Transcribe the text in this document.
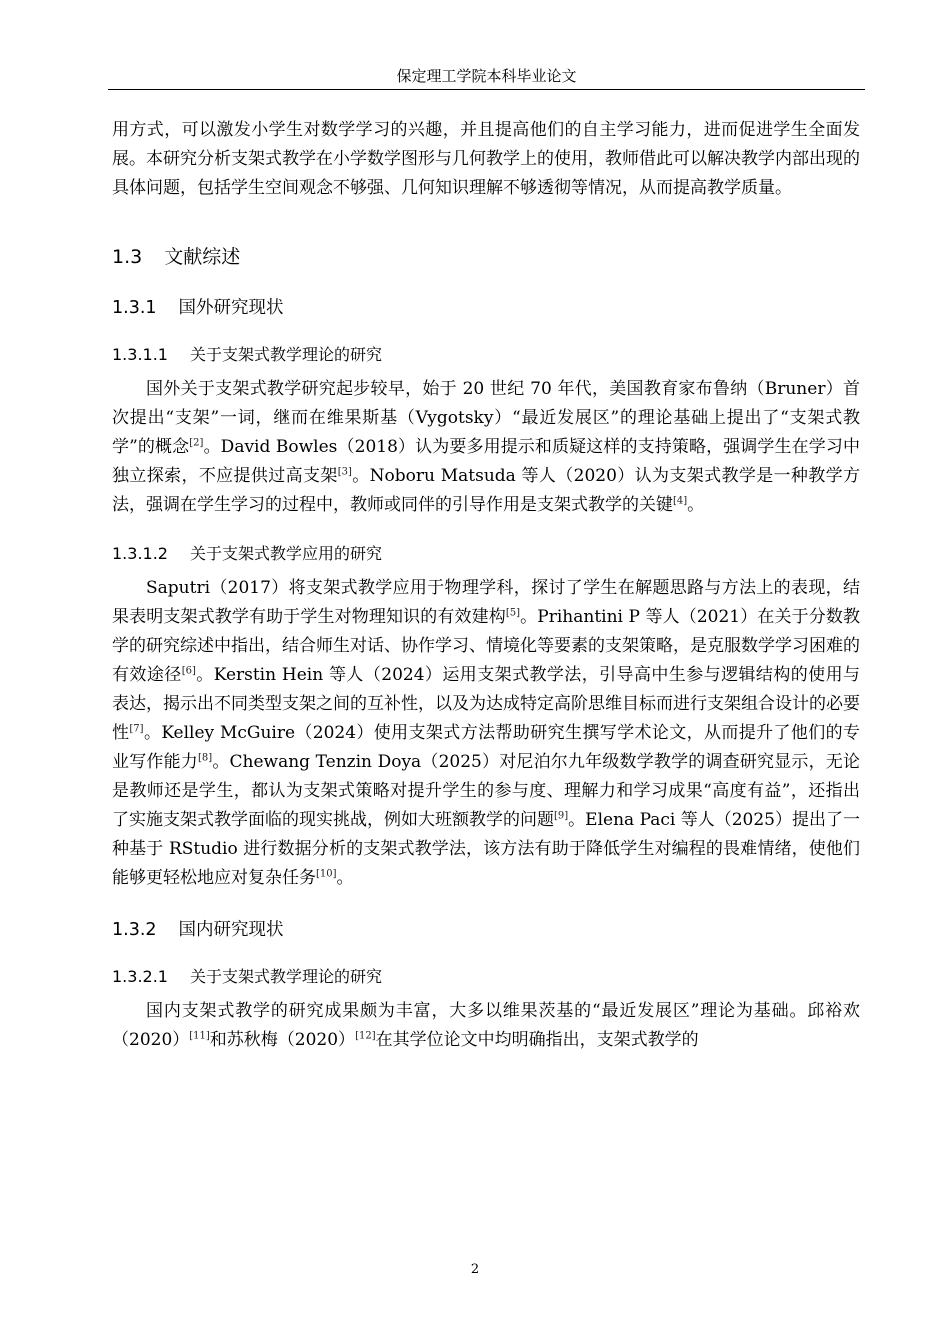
保定理工学院本科毕业论文

用方式，可以激发小学生对数学学习的兴趣，并且提高他们的自主学习能力，进而促进学生全面发展。本研究分析支架式教学在小学数学图形与几何教学上的使用，教师借此可以解决教学内部出现的具体问题，包括学生空间观念不够强、几何知识理解不够透彻等情况，从而提高教学质量。

1.3 文献综述
1.3.1 国外研究现状
1.3.1.1 关于支架式教学理论的研究

国外关于支架式教学研究起步较早，始于 20 世纪 70 年代，美国教育家布鲁纳（Bruner）首次提出“支架”一词，继而在维果斯基（Vygotsky）“最近发展区”的理论基础上提出了“支架式教学”的概念[2]。David Bowles（2018）认为要多用提示和质疑这样的支持策略，强调学生在学习中独立探索，不应提供过高支架[3]。Noboru Matsuda 等人（2020）认为支架式教学是一种教学方法，强调在学生学习的过程中，教师或同伴的引导作用是支架式教学的关键[4]。

1.3.1.2 关于支架式教学应用的研究

Saputri（2017）将支架式教学应用于物理学科，探讨了学生在解题思路与方法上的表现，结果表明支架式教学有助于学生对物理知识的有效建构[5]。Prihantini P 等人（2021）在关于分数教学的研究综述中指出，结合师生对话、协作学习、情境化等要素的支架策略，是克服数学学习困难的有效途径[6]。Kerstin Hein 等人（2024）运用支架式教学法，引导高中生参与逻辑结构的使用与表达，揭示出不同类型支架之间的互补性，以及为达成特定高阶思维目标而进行支架组合设计的必要性[7]。Kelley McGuire（2024）使用支架式方法帮助研究生撰写学术论文，从而提升了他们的专业写作能力[8]。Chewang Tenzin Doya（2025）对尼泊尔九年级数学教学的调查研究显示，无论是教师还是学生，都认为支架式策略对提升学生的参与度、理解力和学习成果“高度有益”，还指出了实施支架式教学面临的现实挑战，例如大班额教学的问题[9]。Elena Paci 等人（2025）提出了一种基于 RStudio 进行数据分析的支架式教学法，该方法有助于降低学生对编程的畏难情绪，使他们能够更轻松地应对复杂任务[10]。

1.3.2 国内研究现状
1.3.2.1 关于支架式教学理论的研究

国内支架式教学的研究成果颇为丰富，大多以维果茨基的“最近发展区”理论为基础。邱裕欢（2020）[11]和苏秋梅（2020）[12]在其学位论文中均明确指出，支架式教学的

2
